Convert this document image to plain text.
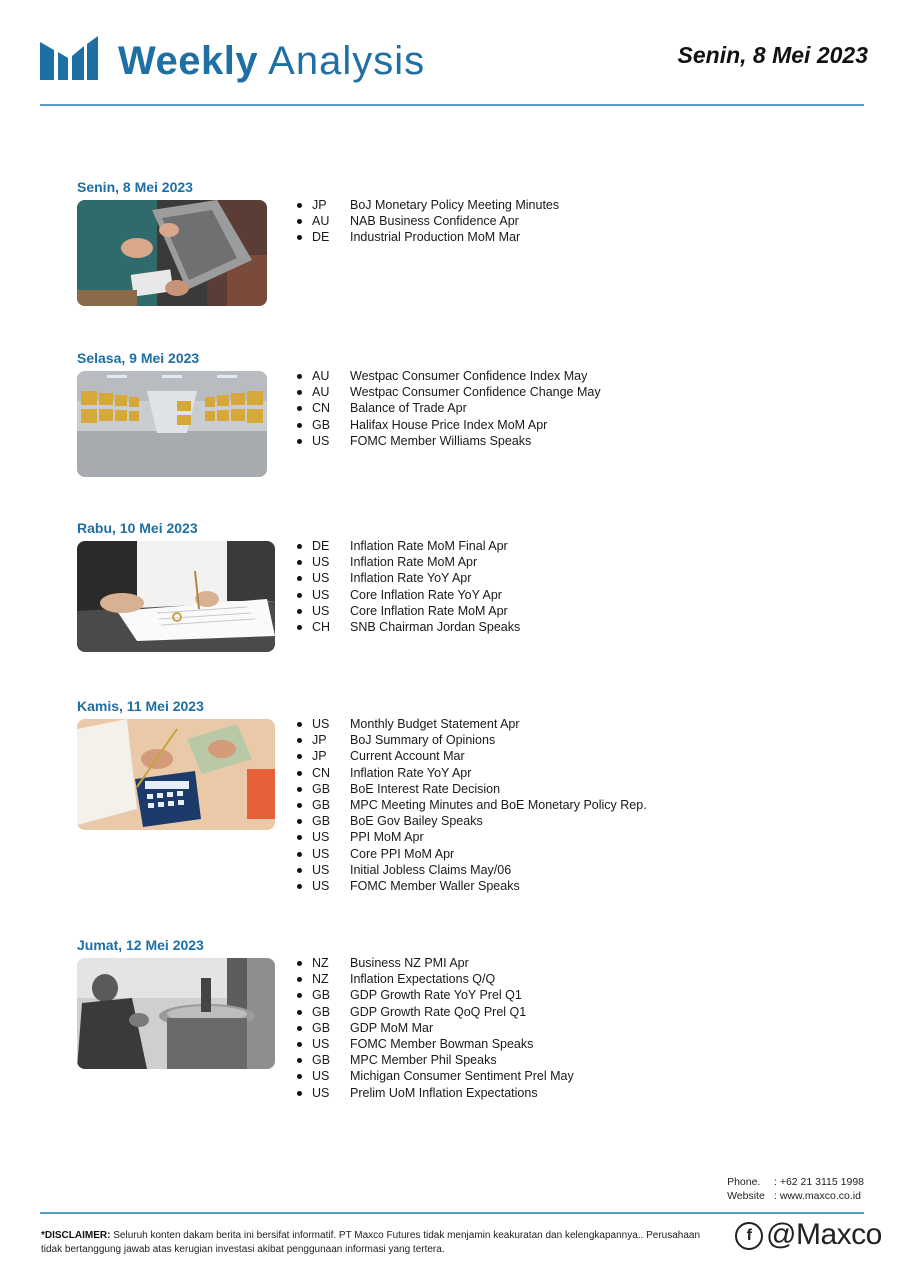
Weekly Analysis	Senin, 8 Mei 2023
Senin, 8 Mei 2023
JP BoJ Monetary Policy Meeting Minutes
AU NAB Business Confidence Apr
DE Industrial Production MoM Mar
Selasa, 9 Mei 2023
AU Westpac Consumer Confidence Index May
AU Westpac Consumer Confidence Change May
CN Balance of Trade Apr
GB Halifax House Price Index MoM Apr
US FOMC Member Williams Speaks
Rabu, 10 Mei 2023
DE Inflation Rate MoM Final Apr
US Inflation Rate MoM Apr
US Inflation Rate YoY Apr
US Core Inflation Rate YoY Apr
US Core Inflation Rate MoM Apr
CH SNB Chairman Jordan Speaks
Kamis, 11 Mei 2023
US Monthly Budget Statement Apr
JP BoJ Summary of Opinions
JP Current Account Mar
CN Inflation Rate YoY Apr
GB BoE Interest Rate Decision
GB MPC Meeting Minutes and BoE Monetary Policy Rep.
GB BoE Gov Bailey Speaks
US PPI MoM Apr
US Core PPI MoM Apr
US Initial Jobless Claims May/06
US FOMC Member Waller Speaks
Jumat, 12 Mei 2023
NZ Business NZ PMI Apr
NZ Inflation Expectations Q/Q
GB GDP Growth Rate YoY Prel Q1
GB GDP Growth Rate QoQ Prel Q1
GB GDP MoM Mar
US FOMC Member Bowman Speaks
GB MPC Member Phil Speaks
US Michigan Consumer Sentiment Prel May
US Prelim UoM Inflation Expectations
Phone. : +62 21 3115 1998
Website : www.maxco.co.id
*DISCLAIMER: Seluruh konten dakam berita ini bersifat informatif. PT Maxco Futures tidak menjamin keakuratan dan kelengkapannya.. Perusahaan tidak bertanggung jawab atas kerugian investasi akibat penggunaan informasi yang tertera.
f @Maxco
